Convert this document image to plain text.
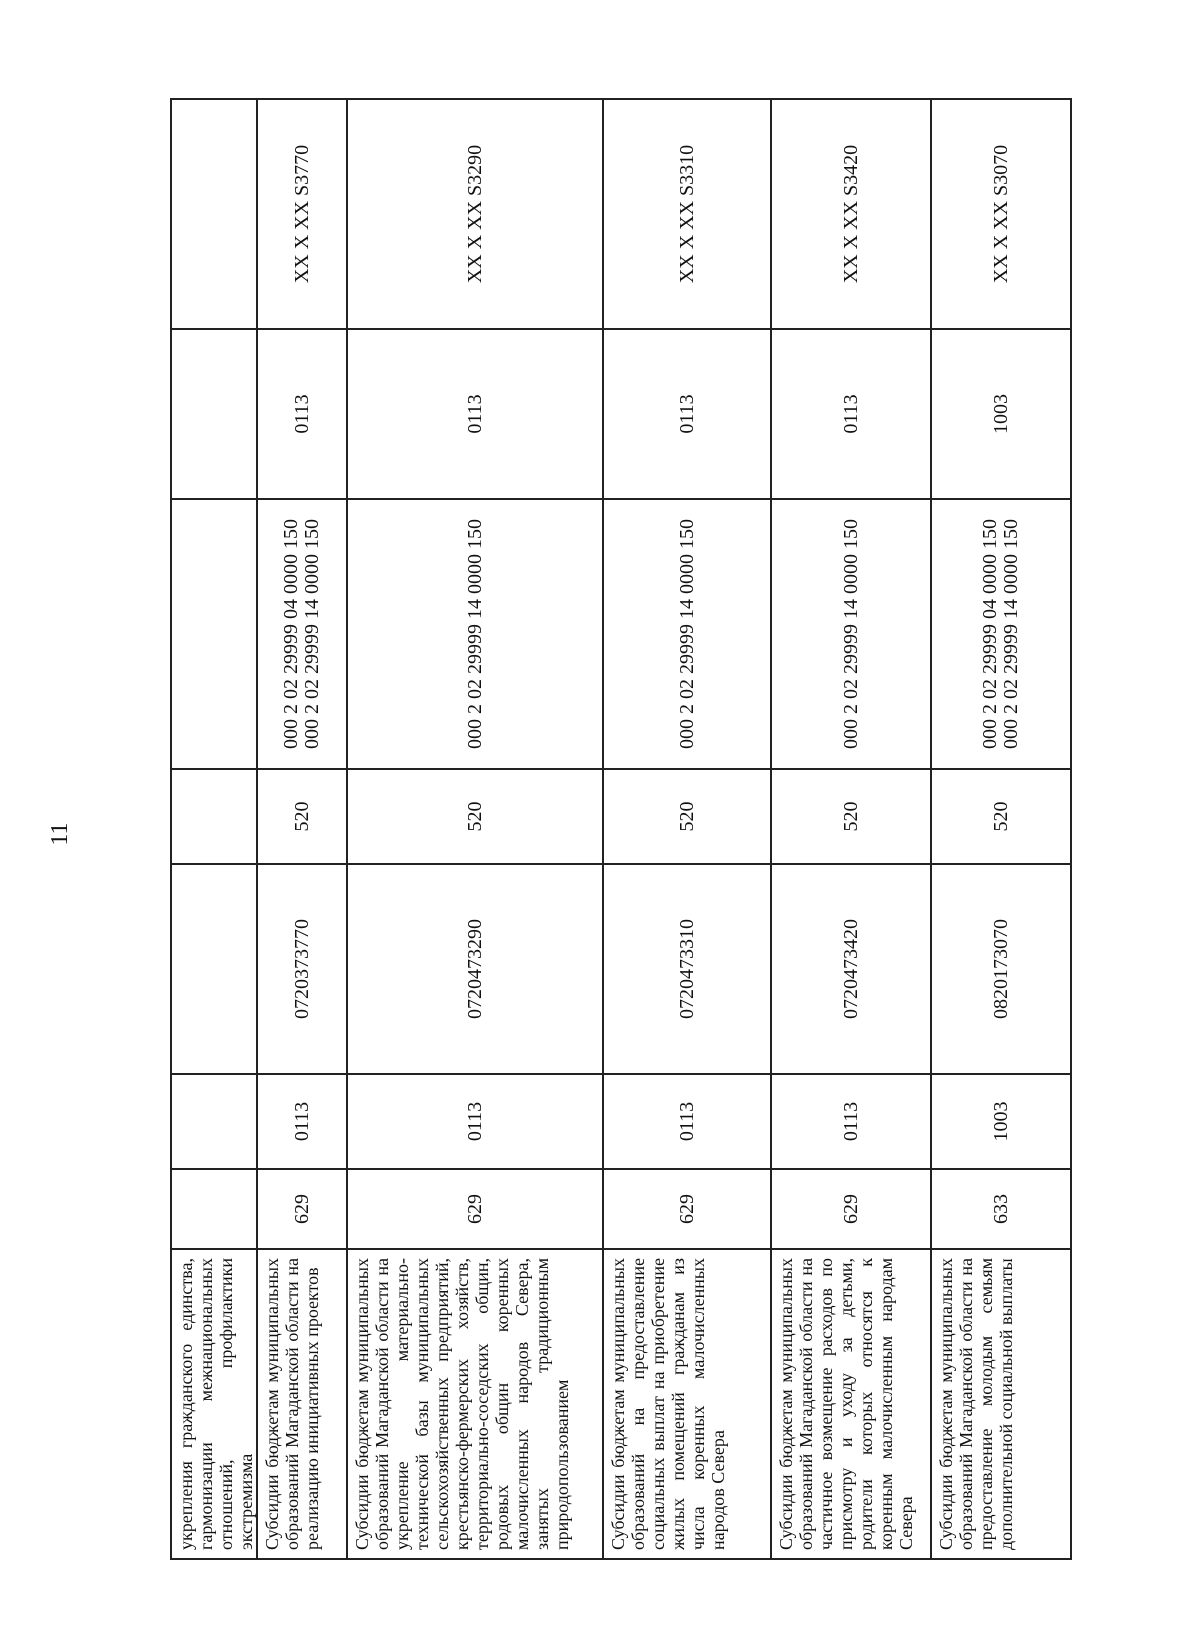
11
укрепления гражданского единства, гармонизации межнациональных отношений, профилактики экстремизма					

Субсидии бюджетам муниципальных образований Магаданской области на реализацию инициативных проектов	629	0113	0720373770	520	000 2 02 29999 04 0000 150 000 2 02 29999 14 0000 150	0113	XX X XX S3770
Субсидии бюджетам муниципальных образований Магаданской области на укрепление материально-технической базы муниципальных сельскохозяйственных предприятий, крестьянско-фермерских хозяйств, территориально-соседских общин, родовых общин коренных малочисленных народов Севера, занятых традиционным природопользованием	629	0113	0720473290	520	000 2 02 29999 14 0000 150	0113	XX X XX S3290
Субсидии бюджетам муниципальных образований на предоставление социальных выплат на приобретение жилых помещений гражданам из числа коренных малочисленных народов Севера	629	0113	0720473310	520	000 2 02 29999 14 0000 150	0113	XX X XX S3310
Субсидии бюджетам муниципальных образований Магаданской области на частичное возмещение расходов по присмотру и уходу за детьми, родители которых относятся к коренным малочисленным народам Севера	629	0113	0720473420	520	000 2 02 29999 14 0000 150	0113	XX X XX S3420
Субсидии бюджетам муниципальных образований Магаданской области на предоставление молодым семьям дополнительной социальной выплаты	633	1003	0820173070	520	000 2 02 29999 04 0000 150 000 2 02 29999 14 0000 150	1003	XX X XX S3070
